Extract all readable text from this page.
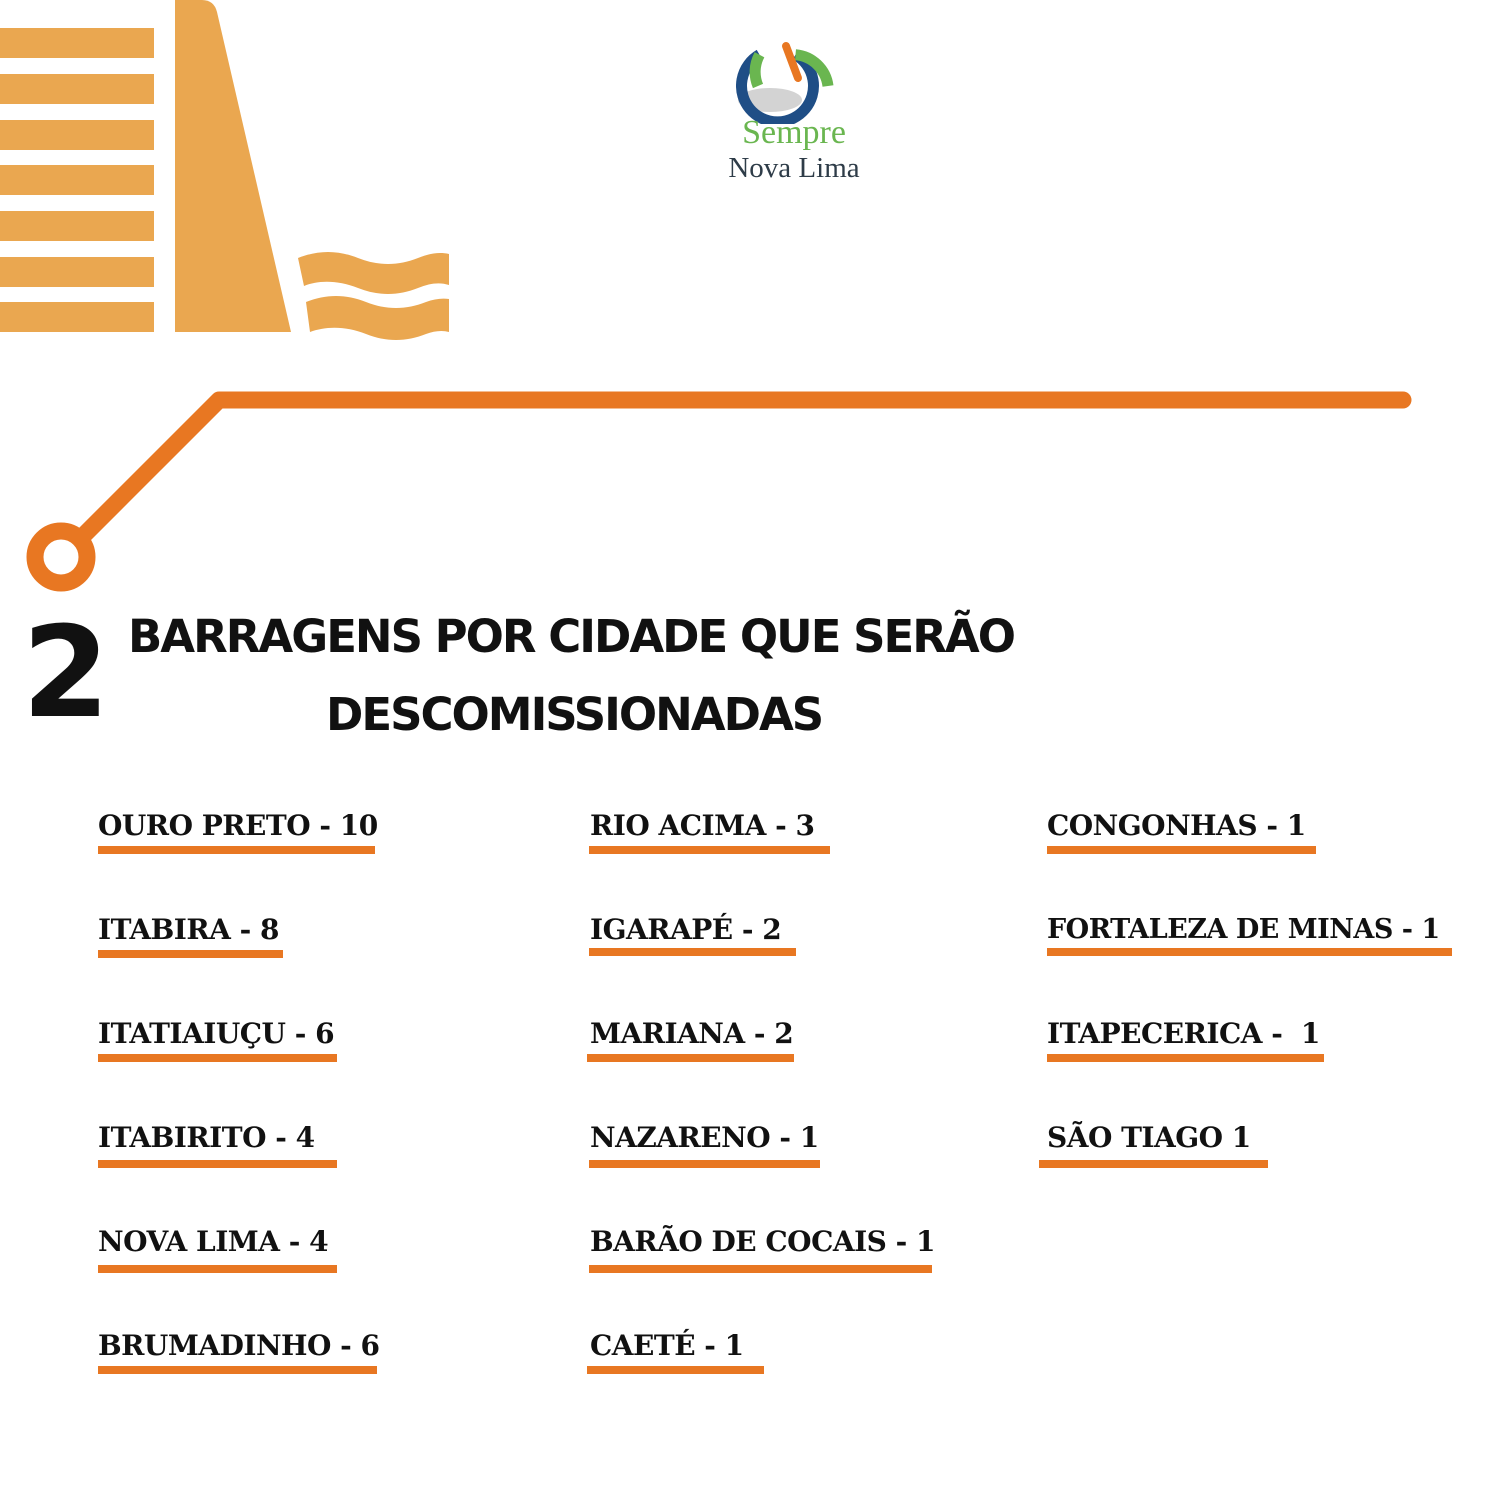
Sempre
Nova Lima
2 BARRAGENS POR CIDADE QUE SERÃO
DESCOMISSIONADAS
OURO PRETO - 10
ITABIRA - 8
ITATIAIUÇU - 6
ITABIRITO - 4
NOVA LIMA - 4
BRUMADINHO - 6
RIO ACIMA - 3
IGARAPÉ - 2
MARIANA - 2
NAZARENO - 1
BARÃO DE COCAIS - 1
CAETÉ - 1
CONGONHAS - 1
FORTALEZA DE MINAS - 1
ITAPECERICA -  1
SÃO TIAGO 1
